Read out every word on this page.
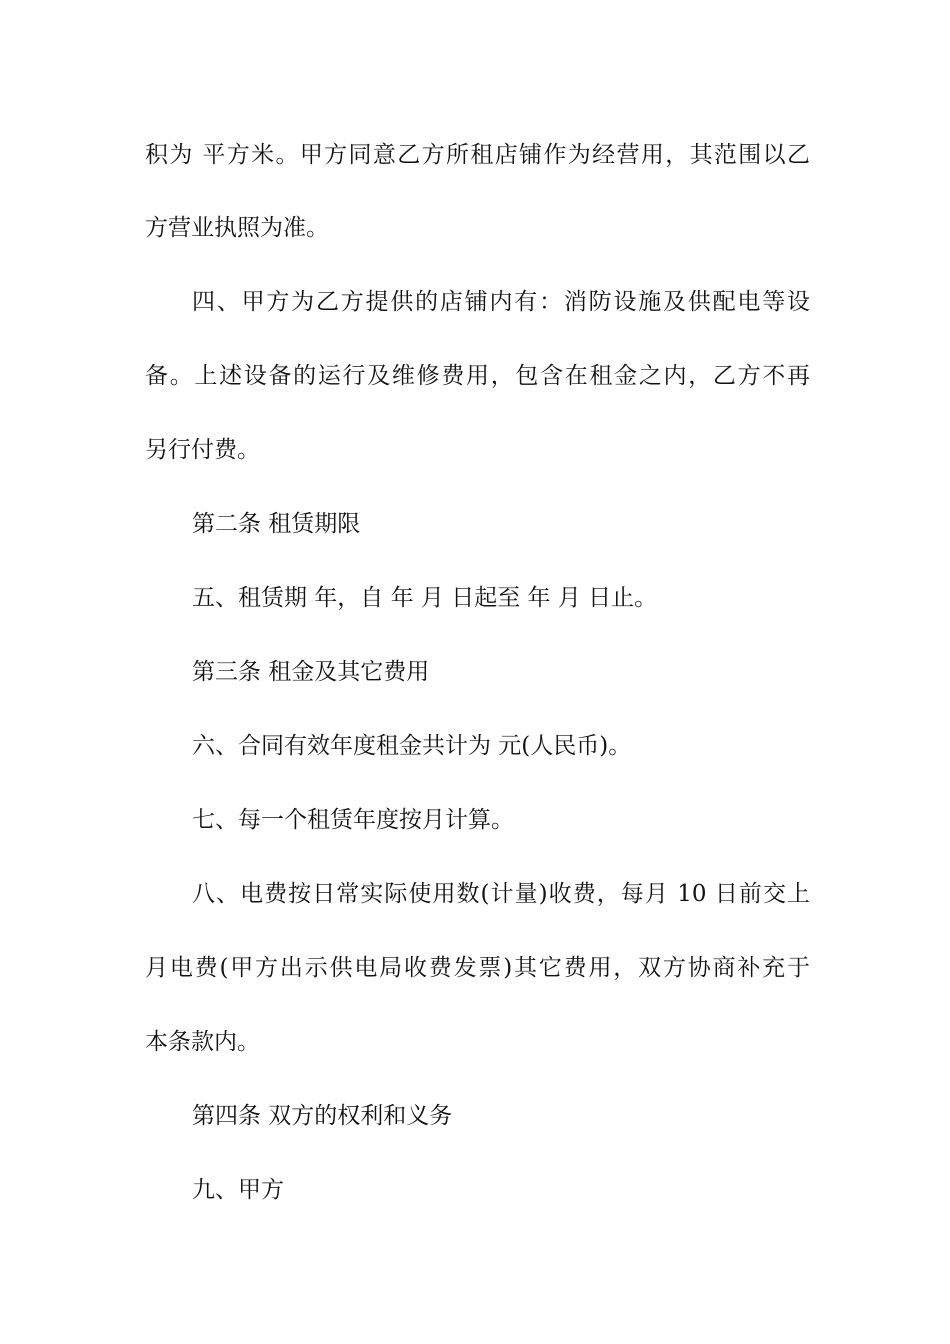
积为 平方米。甲方同意乙方所租店铺作为经营用，其范围以乙
方营业执照为准。
四、甲方为乙方提供的店铺内有：消防设施及供配电等设
备。上述设备的运行及维修费用，包含在租金之内，乙方不再
另行付费。
第二条 租赁期限
五、租赁期 年，自 年 月 日起至 年 月 日止。
第三条 租金及其它费用
六、合同有效年度租金共计为 元(人民币)。
七、每一个租赁年度按月计算。
八、电费按日常实际使用数(计量)收费，每月 10 日前交上
月电费(甲方出示供电局收费发票)其它费用，双方协商补充于
本条款内。
第四条 双方的权利和义务
九、甲方
